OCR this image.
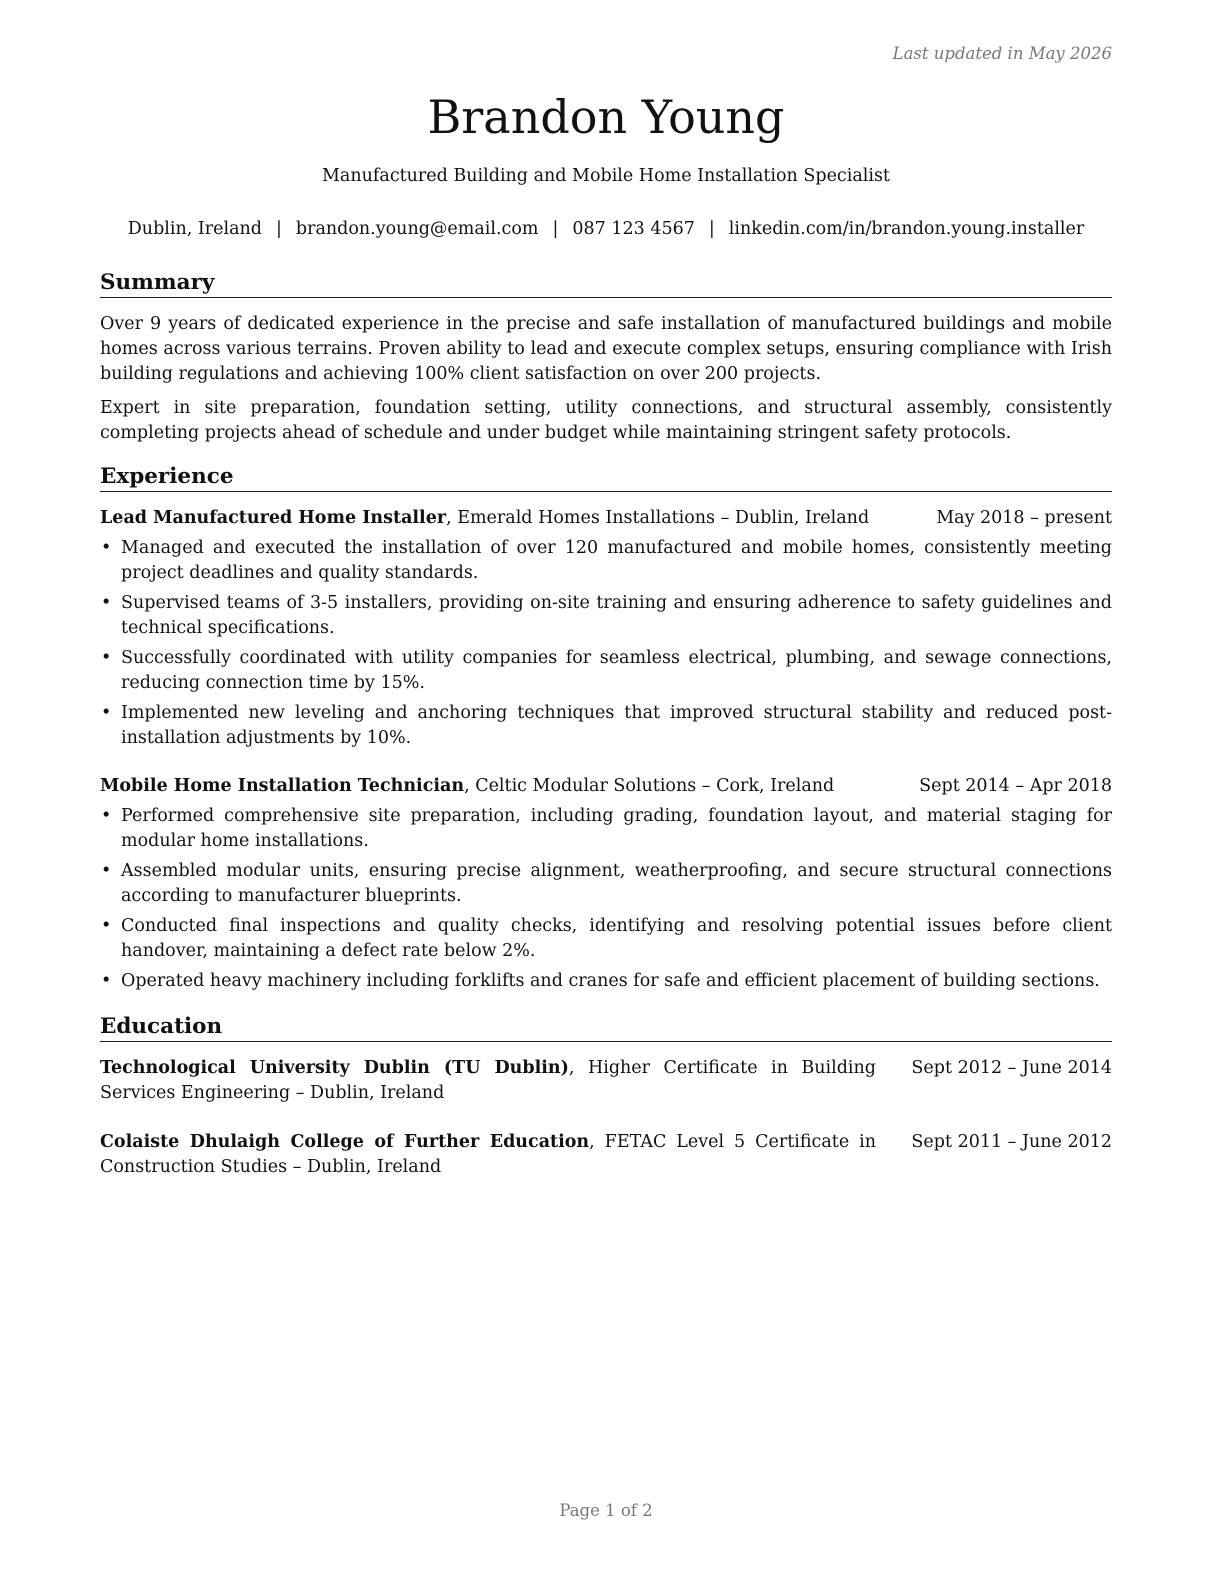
Last updated in May 2026
Brandon Young
Manufactured Building and Mobile Home Installation Specialist
Dublin, Ireland | brandon.young@email.com | 087 123 4567 | linkedin.com/in/brandon.young.installer
Summary

Over 9 years of dedicated experience in the precise and safe installation of manufactured buildings and mobile homes across various terrains. Proven ability to lead and execute complex setups, ensuring compliance with Irish building regulations and achieving 100% client satisfaction on over 200 projects.

Expert in site preparation, foundation setting, utility connections, and structural assembly, consistently completing projects ahead of schedule and under budget while maintaining stringent safety protocols.

Experience
Lead Manufactured Home Installer, Emerald Homes Installations – Dublin, Ireland	May 2018 – present
• Managed and executed the installation of over 120 manufactured and mobile homes, consistently meeting project deadlines and quality standards.
• Supervised teams of 3-5 installers, providing on-site training and ensuring adherence to safety guidelines and technical specifications.
• Successfully coordinated with utility companies for seamless electrical, plumbing, and sewage connections, reducing connection time by 15%.
• Implemented new leveling and anchoring techniques that improved structural stability and reduced post-installation adjustments by 10%.
Mobile Home Installation Technician, Celtic Modular Solutions – Cork, Ireland	Sept 2014 – Apr 2018
• Performed comprehensive site preparation, including grading, foundation layout, and material staging for modular home installations.
• Assembled modular units, ensuring precise alignment, weatherproofing, and secure structural connections according to manufacturer blueprints.
• Conducted final inspections and quality checks, identifying and resolving potential issues before client handover, maintaining a defect rate below 2%.
• Operated heavy machinery including forklifts and cranes for safe and efficient placement of building sections.
Education
Technological University Dublin (TU Dublin), Higher Certificate in Building Services Engineering – Dublin, Ireland
Sept 2012 – June 2014
Colaiste Dhulaigh College of Further Education, FETAC Level 5 Certificate in Construction Studies – Dublin, Ireland
Sept 2011 – June 2012
Page 1 of 2
